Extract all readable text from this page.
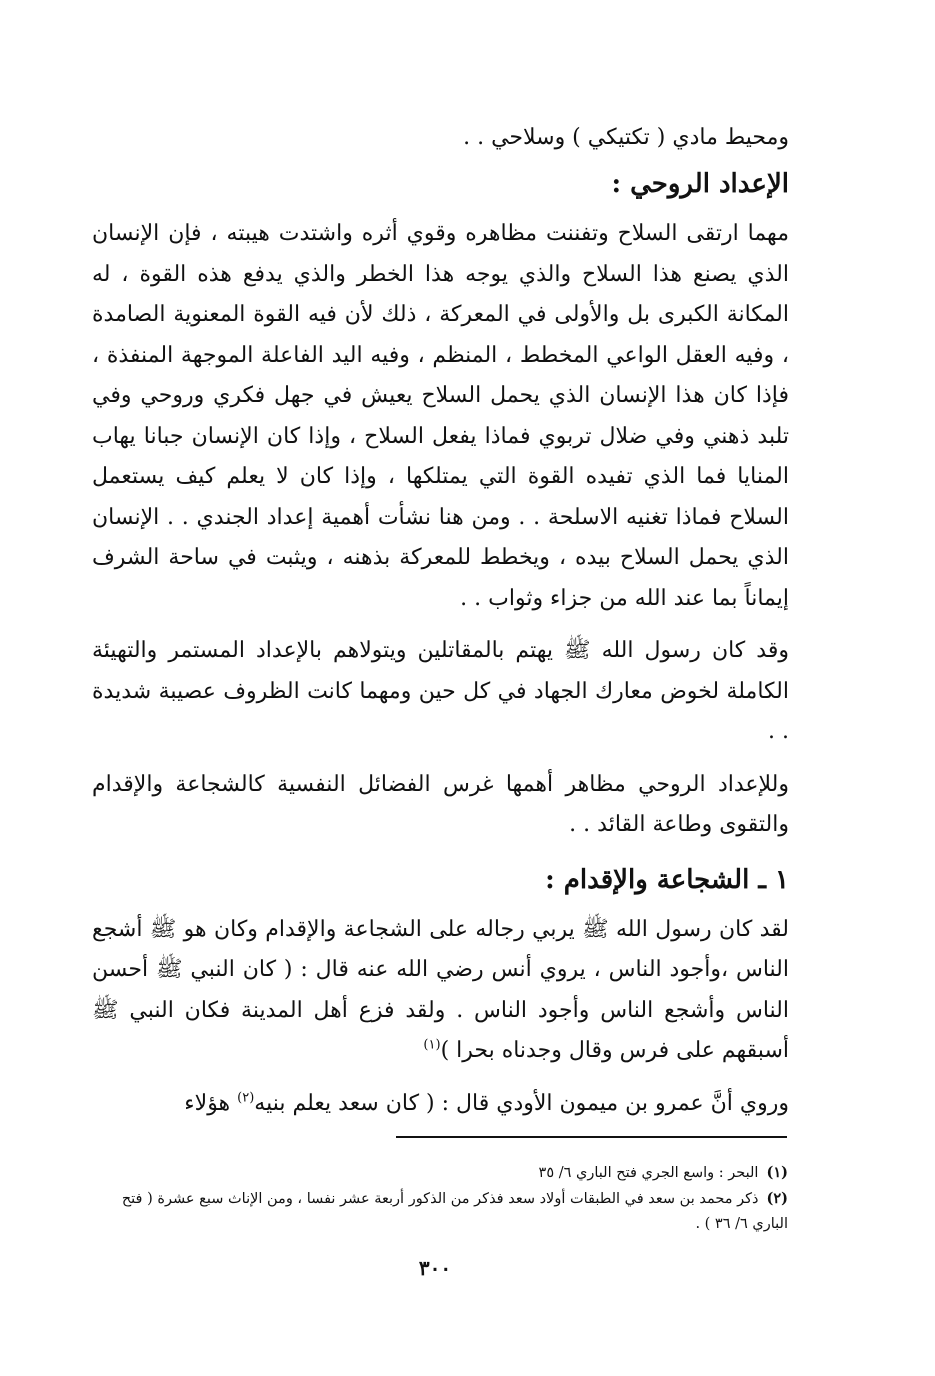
ومحيط مادي ( تكتيكي ) وسلاحي . .
الإعداد الروحي :

مهما ارتقى السلاح وتفننت مظاهره وقوي أثره واشتدت هيبته ، فإن الإنسان الذي يصنع هذا السلاح والذي يوجه هذا الخطر والذي يدفع هذه القوة ، له المكانة الكبرى بل والأولى في المعركة ، ذلك لأن فيه القوة المعنوية الصامدة ، وفيه العقل الواعي المخطط ، المنظم ، وفيه اليد الفاعلة الموجهة المنفذة ، فإذا كان هذا الإنسان الذي يحمل السلاح يعيش في جهل فكري وروحي وفي تلبد ذهني وفي ضلال تربوي فماذا يفعل السلاح ، وإذا كان الإنسان جبانا يهاب المنايا فما الذي تفيده القوة التي يمتلكها ، وإذا كان لا يعلم كيف يستعمل السلاح فماذا تغنيه الاسلحة . . ومن هنا نشأت أهمية إعداد الجندي . . الإنسان الذي يحمل السلاح بيده ، ويخطط للمعركة بذهنه ، ويثبت في ساحة الشرف إيماناً بما عند الله من جزاء وثواب . .

وقد كان رسول الله ﷺ يهتم بالمقاتلين ويتولاهم بالإعداد المستمر والتهيئة الكاملة لخوض معارك الجهاد في كل حين ومهما كانت الظروف عصيبة شديدة . .

وللإعداد الروحي مظاهر أهمها غرس الفضائل النفسية كالشجاعة والإقدام والتقوى وطاعة القائد . .

١ ـ الشجاعة والإقدام :

لقد كان رسول الله ﷺ يربي رجاله على الشجاعة والإقدام وكان هو ﷺ أشجع الناس ،وأجود الناس ، يروي أنس رضي الله عنه قال : ( كان النبي ﷺ أحسن الناس وأشجع الناس وأجود الناس . ولقد فزع أهل المدينة فكان النبي ﷺ أسبقهم على فرس وقال وجدناه بحرا )$^{(١)}$

وروي أنَّ عمرو بن ميمون الأودي قال : ( كان سعد يعلم بنيه$^{(٢)}$ هؤلاء

(١)البحر : واسع الجري فتح الباري ٦/ ٣٥

(٢)ذكر محمد بن سعد في الطبقات أولاد سعد فذكر من الذكور أربعة عشر نفسا ، ومن الإناث سبع عشرة ( فتح الباري ٦/ ٣٦ ) .

٣٠٠
